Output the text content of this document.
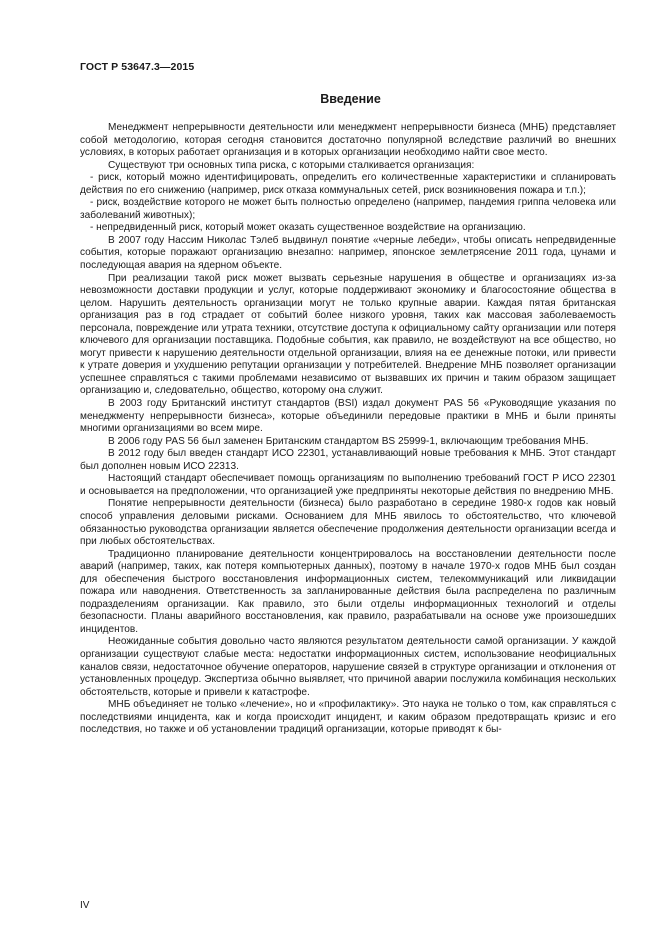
ГОСТ Р 53647.3—2015
Введение

Менеджмент непрерывности деятельности или менеджмент непрерывности бизнеса (МНБ) представляет собой методологию, которая сегодня становится достаточно популярной вследствие различий во внешних условиях, в которых работает организация и в которых организации необходимо найти свое место.

Существуют три основных типа риска, с которыми сталкивается организация:

- риск, который можно идентифицировать, определить его количественные характеристики и спланировать действия по его снижению (например, риск отказа коммунальных сетей, риск возникновения пожара и т.п.);

- риск, воздействие которого не может быть полностью определено (например, пандемия гриппа человека или заболеваний животных);

- непредвиденный риск, который может оказать существенное воздействие на организацию.

В 2007 году Нассим Николас Тэлеб выдвинул понятие «черные лебеди», чтобы описать непредвиденные события, которые поражают организацию внезапно: например, японское землетрясение 2011 года, цунами и последующая авария на ядерном объекте.

При реализации такой риск может вызвать серьезные нарушения в обществе и организациях из-за невозможности доставки продукции и услуг, которые поддерживают экономику и благосостояние общества в целом. Нарушить деятельность организации могут не только крупные аварии. Каждая пятая британская организация раз в год страдает от событий более низкого уровня, таких как массовая заболеваемость персонала, повреждение или утрата техники, отсутствие доступа к официальному сайту организации или потеря ключевого для организации поставщика. Подобные события, как правило, не воздействуют на все общество, но могут привести к нарушению деятельности отдельной организации, влияя на ее денежные потоки, или привести к утрате доверия и ухудшению репутации организации у потребителей. Внедрение МНБ позволяет организации успешнее справляться с такими проблемами независимо от вызвавших их причин и таким образом защищает организацию и, следовательно, общество, которому она служит.

В 2003 году Британский институт стандартов (BSI) издал документ PAS 56 «Руководящие указания по менеджменту непрерывности бизнеса», которые объединили передовые практики в МНБ и были приняты многими организациями во всем мире.

В 2006 году PAS 56 был заменен Британским стандартом BS 25999-1, включающим требования МНБ.

В 2012 году был введен стандарт ИСО 22301, устанавливающий новые требования к МНБ. Этот стандарт был дополнен новым ИСО 22313.

Настоящий стандарт обеспечивает помощь организациям по выполнению требований ГОСТ Р ИСО 22301 и основывается на предположении, что организацией уже предприняты некоторые действия по внедрению МНБ.

Понятие непрерывности деятельности (бизнеса) было разработано в середине 1980-х годов как новый способ управления деловыми рисками. Основанием для МНБ явилось то обстоятельство, что ключевой обязанностью руководства организации является обеспечение продолжения деятельности организации всегда и при любых обстоятельствах.

Традиционно планирование деятельности концентрировалось на восстановлении деятельности после аварий (например, таких, как потеря компьютерных данных), поэтому в начале 1970-х годов МНБ был создан для обеспечения быстрого восстановления информационных систем, телекоммуникаций или ликвидации пожара или наводнения. Ответственность за запланированные действия была распределена по различным подразделениям организации. Как правило, это были отделы информационных технологий и отделы безопасности. Планы аварийного восстановления, как правило, разрабатывали на основе уже произошедших инцидентов.

Неожиданные события довольно часто являются результатом деятельности самой организации. У каждой организации существуют слабые места: недостатки информационных систем, использование неофициальных каналов связи, недостаточное обучение операторов, нарушение связей в структуре организации и отклонения от установленных процедур. Экспертиза обычно выявляет, что причиной аварии послужила комбинация нескольких обстоятельств, которые и привели к катастрофе.

МНБ объединяет не только «лечение», но и «профилактику». Это наука не только о том, как справляться с последствиями инцидента, как и когда происходит инцидент, и каким образом предотвращать кризис и его последствия, но также и об установлении традиций организации, которые приводят к бы-

IV
